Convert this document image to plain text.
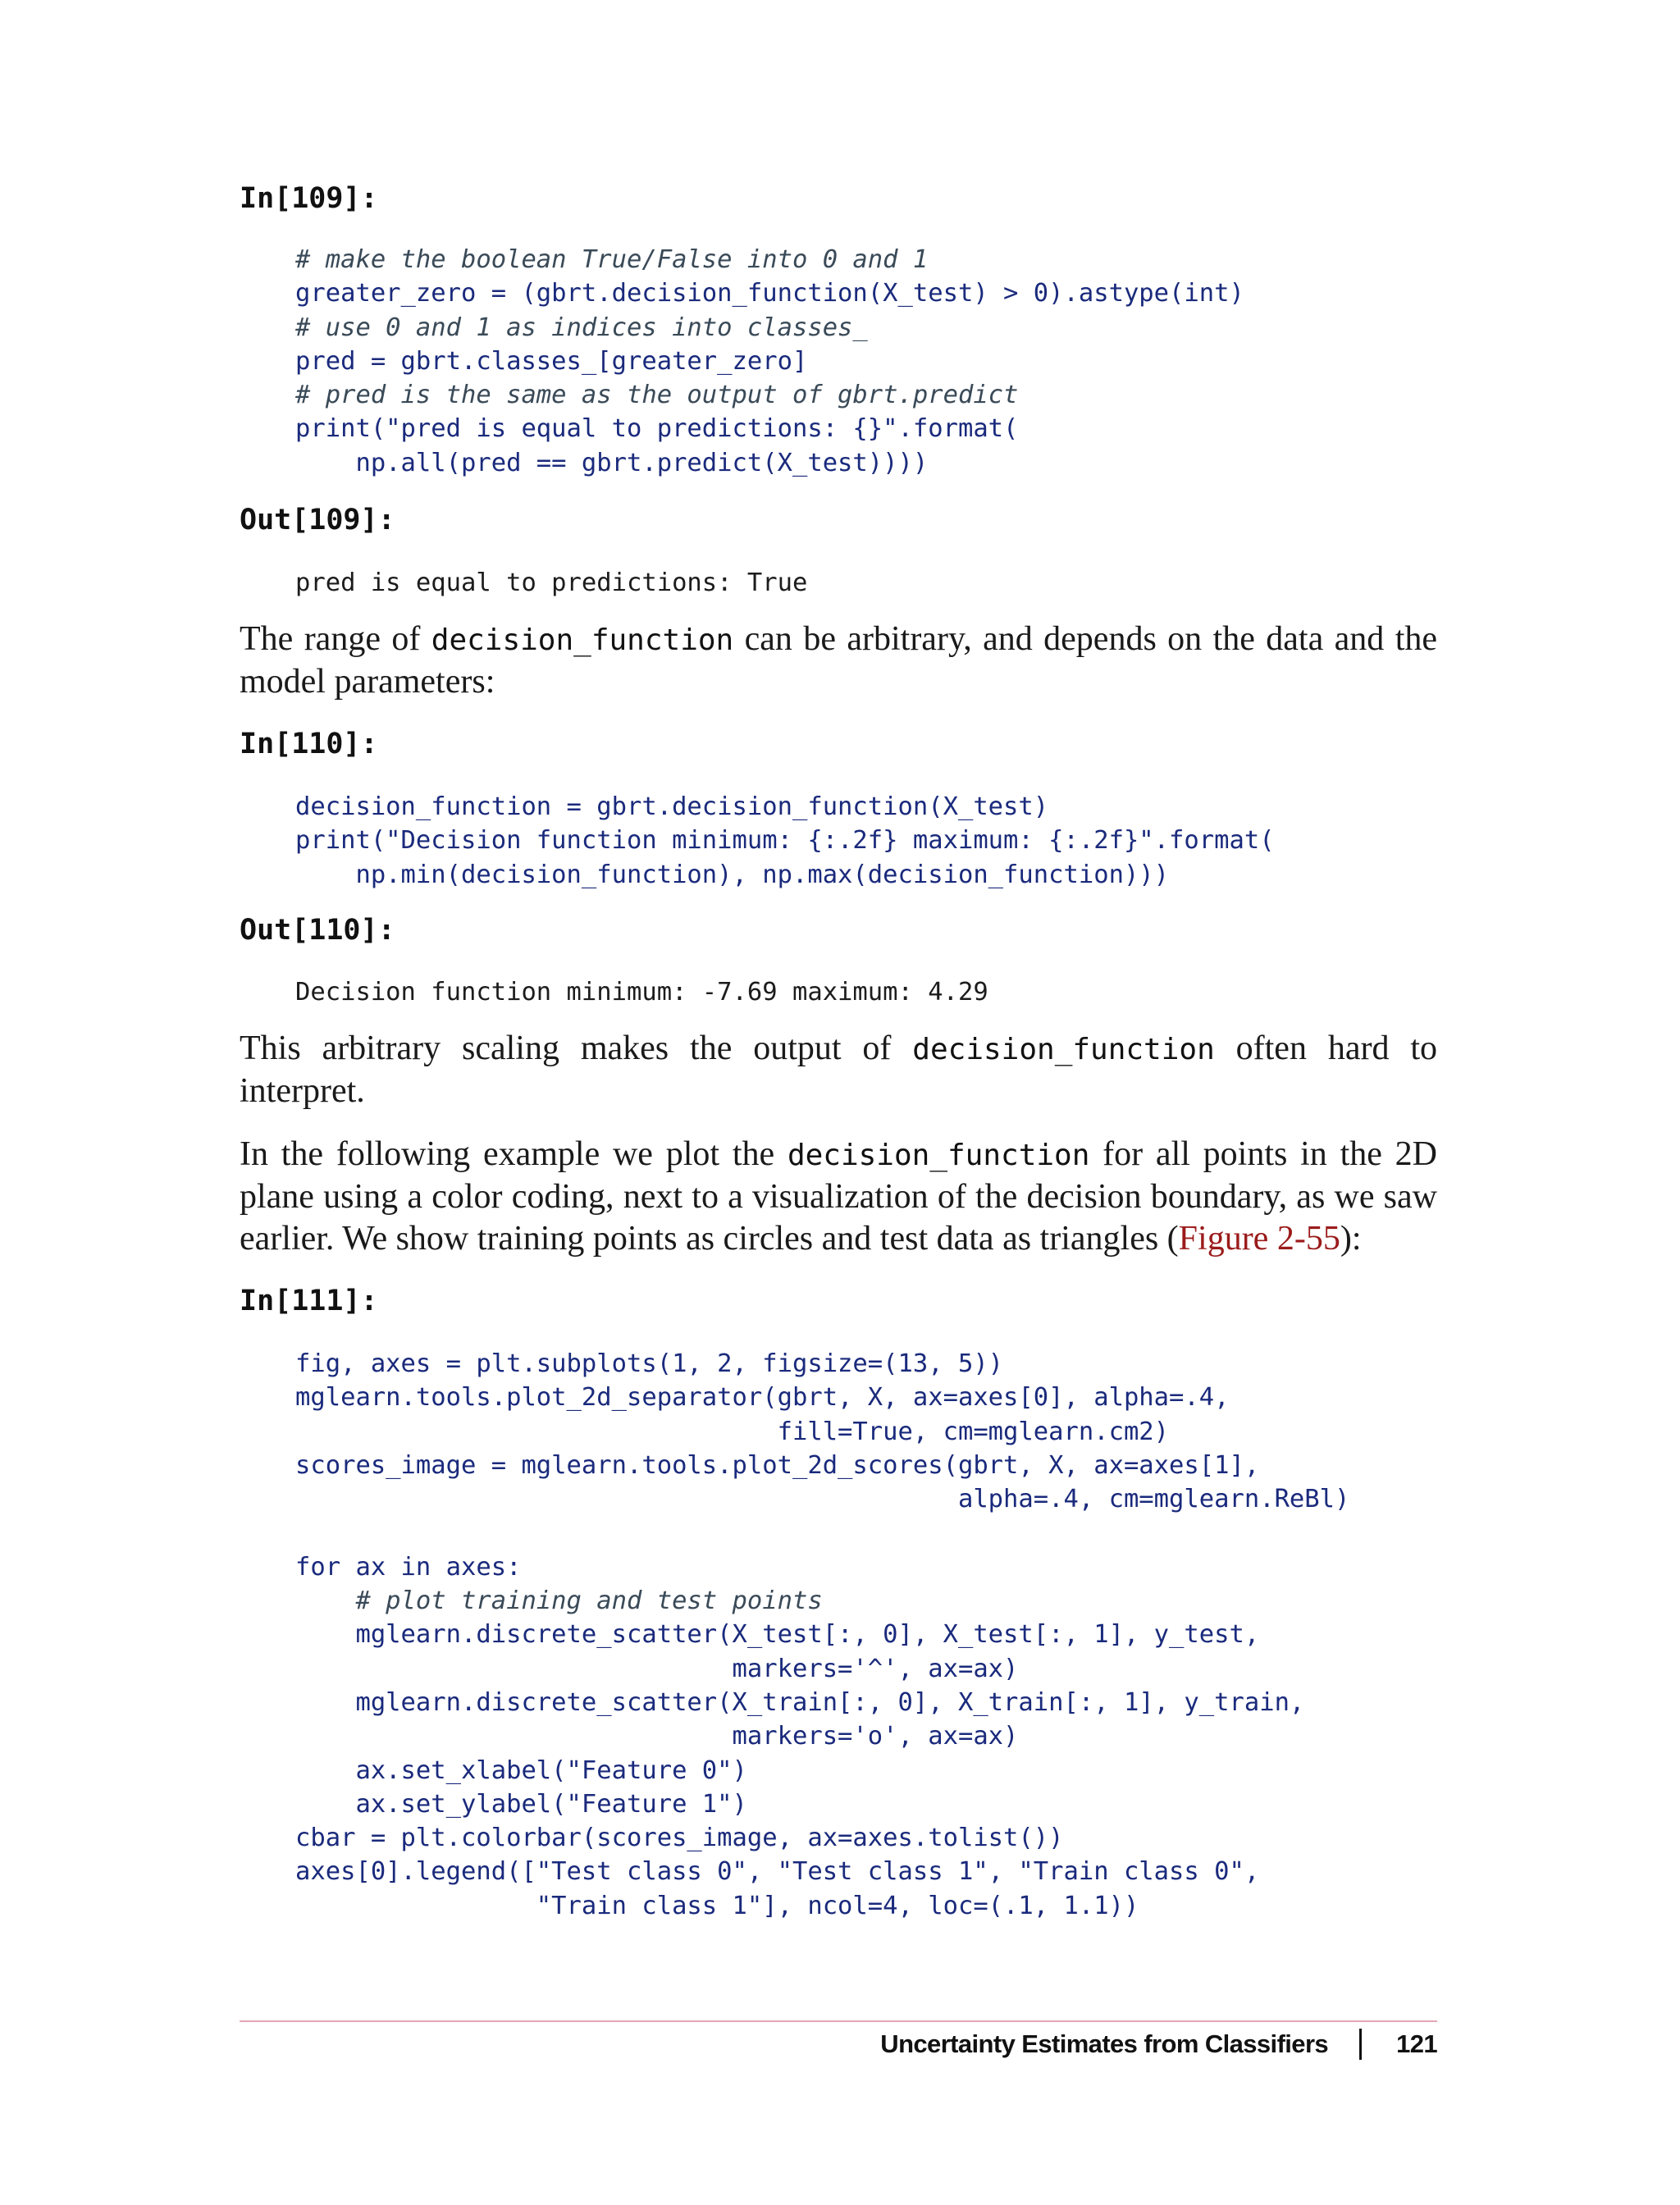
In[109]:
# make the boolean True/False into 0 and 1
greater_zero = (gbrt.decision_function(X_test) > 0).astype(int)
# use 0 and 1 as indices into classes_
pred = gbrt.classes_[greater_zero]
# pred is the same as the output of gbrt.predict
print("pred is equal to predictions: {}".format(
np.all(pred == gbrt.predict(X_test))))
Out[109]:
pred is equal to predictions: True

The range of decision_function can be arbitrary, and depends on the data and the model parameters:

In[110]:
decision_function = gbrt.decision_function(X_test)
print("Decision function minimum: {:.2f} maximum: {:.2f}".format(
np.min(decision_function), np.max(decision_function)))
Out[110]:
Decision function minimum: -7.69 maximum: 4.29

This arbitrary scaling makes the output of decision_function often hard to interpret.

In the following example we plot the decision_function for all points in the 2D plane using a color coding, next to a visualization of the decision boundary, as we saw earlier. We show training points as circles and test data as triangles (Figure 2-55):

In[111]:
fig, axes = plt.subplots(1, 2, figsize=(13, 5))
mglearn.tools.plot_2d_separator(gbrt, X, ax=axes[0], alpha=.4,
fill=True, cm=mglearn.cm2)
scores_image = mglearn.tools.plot_2d_scores(gbrt, X, ax=axes[1],
alpha=.4, cm=mglearn.ReBl)

for ax in axes:
# plot training and test points
mglearn.discrete_scatter(X_test[:, 0], X_test[:, 1], y_test,
markers='^', ax=ax)
mglearn.discrete_scatter(X_train[:, 0], X_train[:, 1], y_train,
markers='o', ax=ax)
ax.set_xlabel("Feature 0")
ax.set_ylabel("Feature 1")
cbar = plt.colorbar(scores_image, ax=axes.tolist())
axes[0].legend(["Test class 0", "Test class 1", "Train class 0",
"Train class 1"], ncol=4, loc=(.1, 1.1))
Uncertainty Estimates from Classifiers	121
